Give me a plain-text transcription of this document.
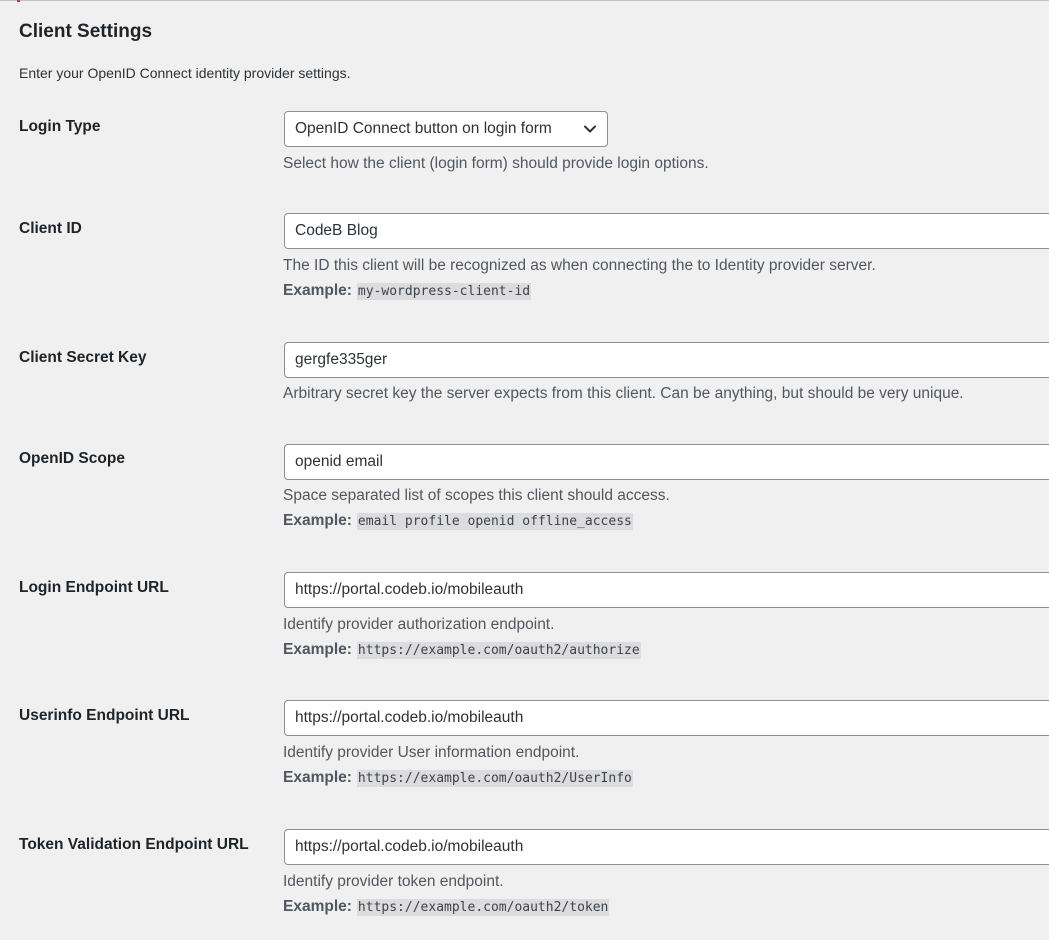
Client Settings

Enter your OpenID Connect identity provider settings.

Login Type	OpenID Connect button on login form
Select how the client (login form) should provide login options.
Client ID
CodeB Blog
The ID this client will be recognized as when connecting the to Identity provider server.
Example: my-wordpress-client-id
Client Secret Key
gergfe335ger
Arbitrary secret key the server expects from this client. Can be anything, but should be very unique.
OpenID Scope
openid email
Space separated list of scopes this client should access.
Example: email profile openid offline_access
Login Endpoint URL
https://portal.codeb.io/mobileauth
Identify provider authorization endpoint.
Example: https://example.com/oauth2/authorize
Userinfo Endpoint URL
https://portal.codeb.io/mobileauth
Identify provider User information endpoint.
Example: https://example.com/oauth2/UserInfo
Token Validation Endpoint URL
https://portal.codeb.io/mobileauth
Identify provider token endpoint.
Example: https://example.com/oauth2/token
